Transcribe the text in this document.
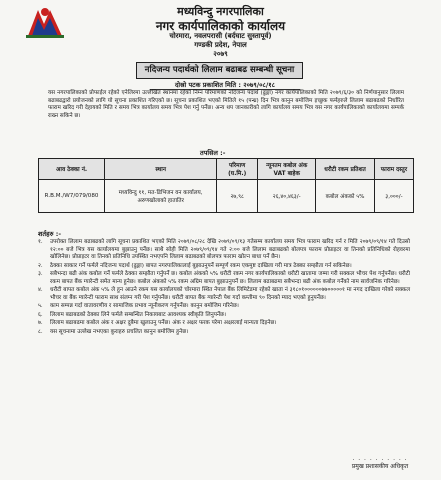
मध्यविन्दु नगरपालिका
नगर कार्यपालिकाको कार्यालय
चोरमारा, नवलपरासी (बर्दघाट सुस्तापूर्व)
गण्डकी प्रदेश, नेपाल
२०७९
नदिजन्य पदार्थको लिलाम बढाबढ सम्बन्धी सूचना
दोस्रो पटक प्रकाशित मिति : २०७९/०८/१८
यस नगरपालिकाको प्रोफाईल रहेको एनेलिरमा उल्लेखित स्थानमा रहेको निम्न परिमाणको नदिजन्य पदार्थ (ढुङ्गा) नगर कार्यपालिकाको मिति २०७९/६/३० को निर्णयानुसार लिलाम बढाबढद्वारो प्रयोजनको लागि यो सूचना प्रकाशित गरिएको छ। सूचना प्रकाशित भएको मितिले १५ (पन्ध्र) दिन भित्र कानुन बमोजिम इच्छुक फर्महरुले लिलाम बढाबढको निर्धारित फाराम खरिद गरी देहायको मिति र समय भित्र कार्यालय समय भित्र पेश गर्नु पर्नेछ। अन्य थप जानकारीको लागि कार्यालय समय भित्र यस नगर कार्यपालिकाको कार्यालयमा सम्पर्क राख्न सकिने छ।
तपसिल :-
आव ठेक्का नं.	स्थान	परिमाण (घ.मि.)	न्यूनतम कबोल अंक VAT बाहेक	धरौटी रकम प्रतिशत	फाराम दस्तुर
R.B.M./W7/079/080	मध्यविन्दु ११, मत-डिभिजन वन कार्यालय, अरुणखोलाको हातातिर	२७,९८	२६,४०,४६३/-	कबोल अंकको ५%	३,०००/-
शर्तहरु :-
१.	उपरोक्त लिलाम बढाबढको लागि सूचना प्रकाशित भएको मिति २०७९/०८/२८ देखि २०७९/०९/१३ गतेसम्म कार्यालय समय भित्र फाराम खरिद गर्न र मिति २०७९/०९/१४ गते दिउसो १२:०० बजे भित्र यस कार्यालयमा बुझाउनु पर्नेछ। साथै सोही मिति २०७९/०९/१४ गते २:०० बजे लिलाम बढाबढको बोलपत्र फाराम प्रोप्राइटर वा तिनको प्रतिनिधिको रोहवरमा खोलिनेछ। प्रोप्राइटर वा तिनको प्रतिनिधि उपस्थित नभएपनि लिलाम बढाबढको बोलपत्र फाराम खोल्न बाधा पर्ने छैन।
२.	ठेक्का साकार गर्ने फर्मले नदिजन्य पदार्थ (ढुङ्गा) बापत नगरपालिकालाई बुझाउनुपर्ने सम्पूर्ण रकम एकमुष्ट दाखिला गरी मात्र ठेक्का सम्झौता गर्न सकिनेछ।
३.	सबैभन्दा बढी अंक कबोल गर्ने फर्मले ठेक्का सम्झौता गर्नुपर्ने छ। कबोल अंकको ५% धरौटी रकम नगर कार्यपालिकाको धरौटी खातामा जम्मा गरी सक्कल भौचर पेश गर्नुपर्नेछ। धरौटी रकम बापत बैंक ग्यारेन्टी समेत मान्य हुनेछ। कबोल अंकको ५% रकम अग्रिम बापत बुझाउनुपर्ने छ। लिलाम बढाबढमा सबैभन्दा बढी अंक कबोल गर्नेको नाम सार्वजनिक गरिनेछ।
४.	धरौटी बापत कबोल अंक ५% ले हुन आउने रकम यस कार्यालयको चोरमारा स्थित नेपाल बैंक लिमिटेडमा रहेको खाता नं ३१८०१००००००७७०००००१ मा नगद दाखिला गरेको सक्कल भौचर वा बैंक ग्यारेन्टी फाराम साथ संलग्न गरी पेश गर्नुपर्नेछ। धरौटी बापत बैंक ग्यारेन्टी पेश गर्दा कम्तीमा ९० दिनको म्याद भएको हुनुपर्नेछ।
५.	काम सम्पन्न गर्दा वातावरणीय र सामाजिक प्रभाव न्यूनीकरण गर्नुपर्नेछ। कानुन बमोजिम गरिनेछ।
६.	लिलाम बढाबढको ठेक्का लिने फर्मले सम्बन्धित निकायबाट आवश्यक स्वीकृति लिनुपर्नेछ।
७.	लिलाम बढाबढमा कबोल अंक र अक्षर दुबैमा खुलाउनु पर्नेछ। अंक र अक्षर फरक परेमा अक्षरलाई मान्यता दिइनेछ।
८.	यस सूचनामा उल्लेख नभएका कुराहरु प्रचलित कानुन बमोजिम हुनेछ।
. . . . . . . . . .
प्रमुख प्रशासकीय अधिकृत
